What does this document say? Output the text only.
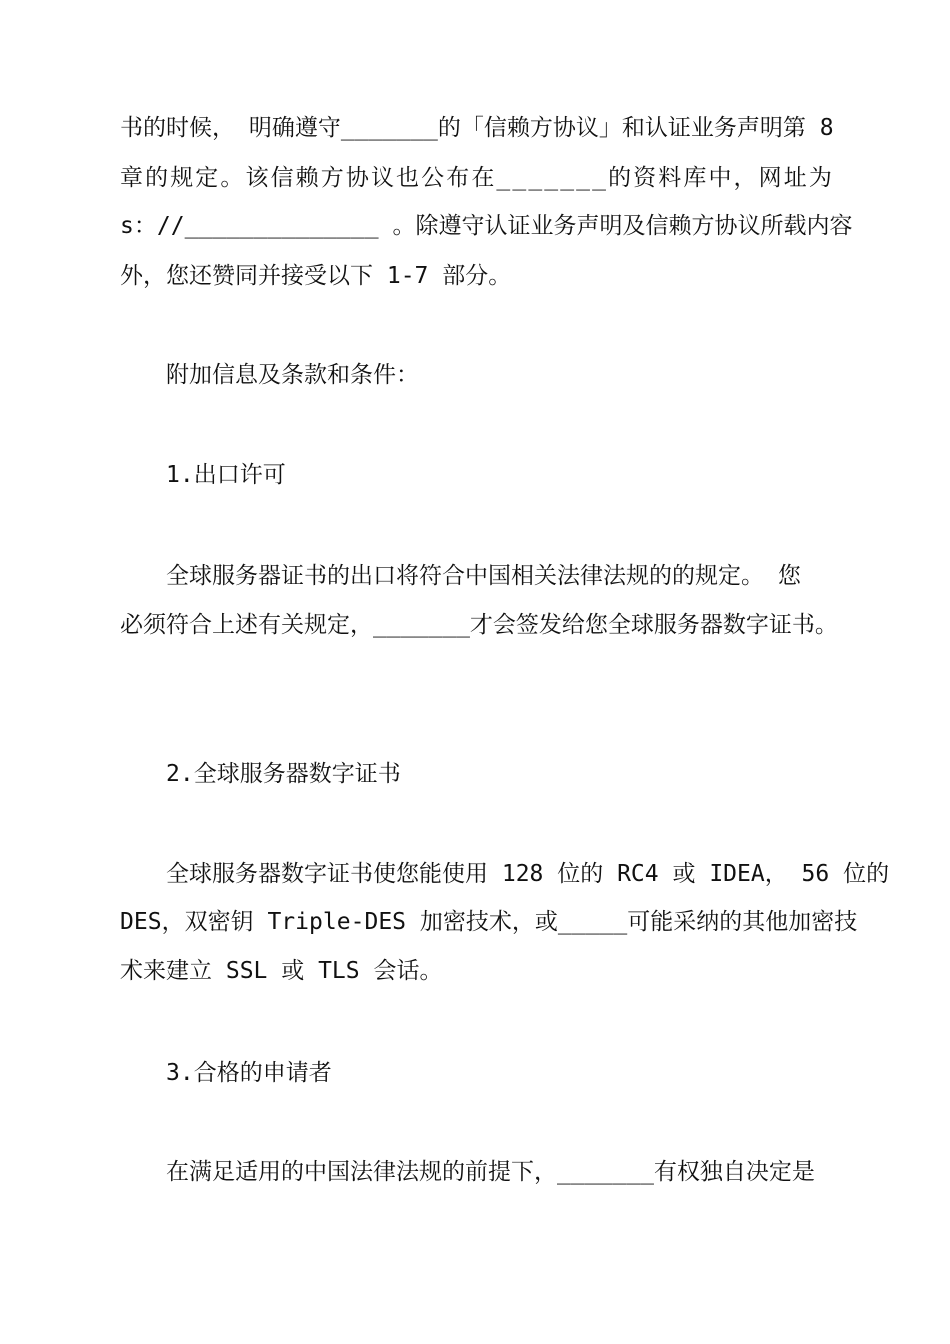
书 的 时 候 ，
明 确 遵 守 _ _ _ _ _ _ _ 的 「 信 赖 方 协 议 」 和 认 证 业 务 声 明 第
8

章 的 规 定 。 该 信 赖 方 协 议 也 公 布 在 _ _ _ _ _ _ _ 的 资 料 库 中 ， 网 址 为

s ： / / _ _ _ _ _ _ _ _ _ _ _ _ _ _
。 除 遵 守 认 证 业 务 声 明 及 信 赖 方 协 议 所 载 内 容

外，您还赞同并接受以下 1-7 部分。

附加信息及条款和条件：

1.出口许可

全球服务器证书的出口将符合中国相关法律法规的的规定。 您

必须符合上述有关规定，_______才会签发给您全球服务器数字证书。

2.全球服务器数字证书

全球服务器数字证书使您能使用 128 位的 RC4 或 IDEA， 56 位的

D E S ， 双 密 钥
T r i p l e - D E S
加 密 技 术 ， 或 _ _ _ _ _ 可 能 采 纳 的 其 他 加 密 技

术来建立 SSL 或 TLS 会话。

3.合格的申请者

在满足适用的中国法律法规的前提下，_______有权独自决定是
